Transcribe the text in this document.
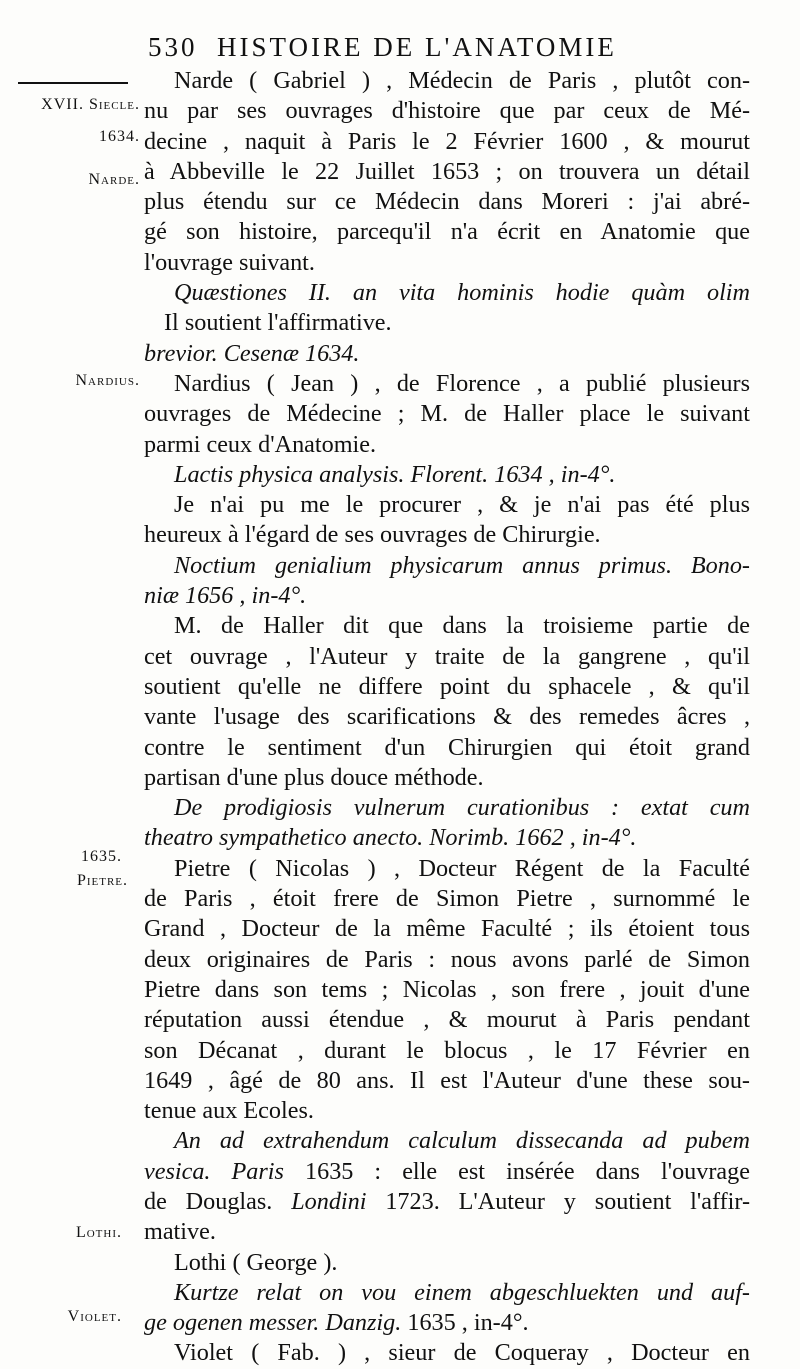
530 HISTOIRE DE L'ANATOMIE
XVII. Siecle.
1634.
Narde.
Nardius.
1635.
Pietre.
Lothi.
Violet.
Narde ( Gabriel ) , Médecin de Paris , plutôt con-
nu par ses ouvrages d'histoire que par ceux de Mé-
decine , naquit à Paris le 2 Février 1600 , & mourut
à Abbeville le 22 Juillet 1653 ; on trouvera un détail
plus étendu sur ce Médecin dans Moreri : j'ai abré-
gé son histoire, parcequ'il n'a écrit en Anatomie que
l'ouvrage suivant.
Quæstiones II. an vita hominis hodie quàm olim
Il soutient l'affirmative.
brevior. Cesenæ 1634.
Nardius ( Jean ) , de Florence , a publié plusieurs
ouvrages de Médecine ; M. de Haller place le suivant
parmi ceux d'Anatomie.
Lactis physica analysis. Florent. 1634 , in-4°.
Je n'ai pu me le procurer , & je n'ai pas été plus
heureux à l'égard de ses ouvrages de Chirurgie.
Noctium genialium physicarum annus primus. Bono-
niæ 1656 , in-4°.
M. de Haller dit que dans la troisieme partie de
cet ouvrage , l'Auteur y traite de la gangrene , qu'il
soutient qu'elle ne differe point du sphacele , & qu'il
vante l'usage des scarifications & des remedes âcres ,
contre le sentiment d'un Chirurgien qui étoit grand
partisan d'une plus douce méthode.
De prodigiosis vulnerum curationibus : extat cum
theatro sympathetico anecto. Norimb. 1662 , in-4°.
Pietre ( Nicolas ) , Docteur Régent de la Faculté
de Paris , étoit frere de Simon Pietre , surnommé le
Grand , Docteur de la même Faculté ; ils étoient tous
deux originaires de Paris : nous avons parlé de Simon
Pietre dans son tems ; Nicolas , son frere , jouit d'une
réputation aussi étendue , & mourut à Paris pendant
son Décanat , durant le blocus , le 17 Février en
1649 , âgé de 80 ans. Il est l'Auteur d'une these sou-
tenue aux Ecoles.
An ad extrahendum calculum dissecanda ad pubem
vesica. Paris 1635 : elle est insérée dans l'ouvrage
de Douglas. Londini 1723. L'Auteur y soutient l'affir-
mative.
Lothi ( George ).
Kurtze relat on vou einem abgeschluekten und auf-
ge ogenen messer. Danzig. 1635 , in-4°.
Violet ( Fab. ) , sieur de Coqueray , Docteur en
